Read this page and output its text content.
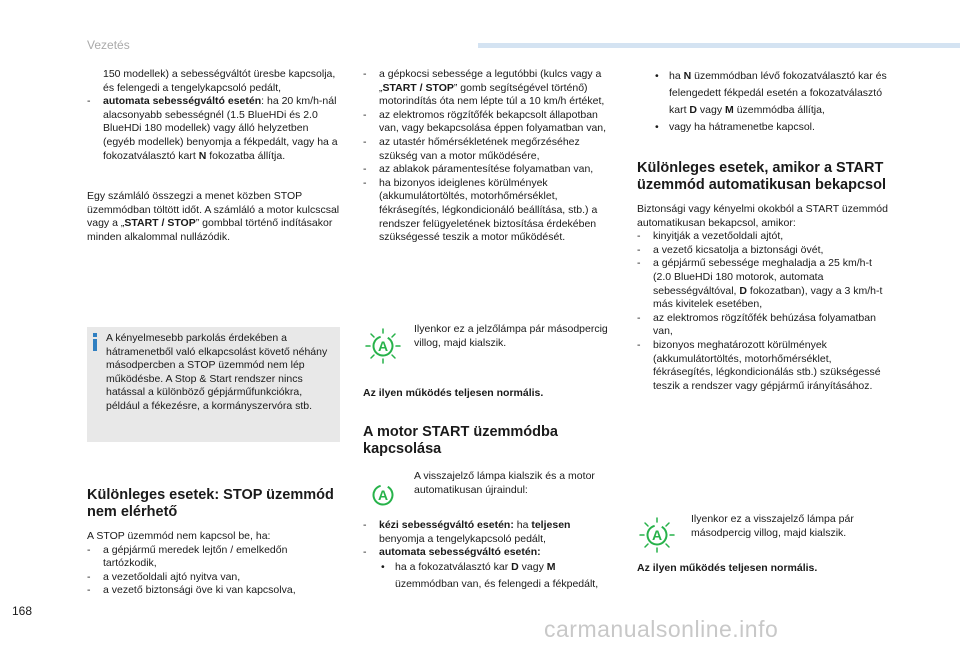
Vezetés

150 modellek) a sebességváltót üresbe kapcsolja, és felengedi a tengelykapcsoló pedált,

- automata sebességváltó esetén: ha 20 km/h-nál alacsonyabb sebességnél (1.5 BlueHDi és 2.0 BlueHDi 180 modellek) vagy álló helyzetben (egyéb modellek) benyomja a fékpedált, vagy ha a fokozatválasztó kart N fokozatba állítja.

Egy számláló összegzi a menet közben STOP üzemmódban töltött időt. A számláló a motor kulcscsal vagy a „START / STOP” gombbal történő indításakor minden alkalommal nullázódik.

A kényelmesebb parkolás érdekében a hátramenetből való elkapcsolást követő néhány másodpercben a STOP üzemmód nem lép működésbe. A Stop & Start rendszer nincs hatással a különböző gépjárműfunkciókra, például a fékezésre, a kormányszervóra stb.

Különleges esetek: STOP üzemmód nem elérhető

A STOP üzemmód nem kapcsol be, ha:

- a gépjármű meredek lejtőn / emelkedőn tartózkodik,
- a vezetőoldali ajtó nyitva van,
- a vezető biztonsági öve ki van kapcsolva,
- a gépkocsi sebessége a legutóbbi (kulcs vagy a „START / STOP” gomb segítségével történő) motorindítás óta nem lépte túl a 10 km/h értéket,
- az elektromos rögzítőfék bekapcsolt állapotban van, vagy bekapcsolása éppen folyamatban van,
- az utastér hőmérsékletének megőrzéséhez szükség van a motor működésére,
- az ablakok páramentesítése folyamatban van,
- ha bizonyos ideiglenes körülmények (akkumulátortöltés, motorhőmérséklet, fékrásegítés, légkondicionáló beállítása, stb.) a rendszer felügyeletének biztosítása érdekében szükségessé teszik a motor működését.
A
Ilyenkor ez a jelzőlámpa pár másodpercig villog, majd kialszik.
Az ilyen működés teljesen normális.

A motor START üzemmódba kapcsolása

A
A visszajelző lámpa kialszik és a motor automatikusan újraindul:
- kézi sebességváltó esetén: ha teljesen benyomja a tengelykapcsoló pedált,
- automata sebességváltó esetén:
• ha a fokozatválasztó kar D vagy M üzemmódban van, és felengedi a fékpedált,
• ha N üzemmódban lévő fokozatválasztó kar és felengedett fékpedál esetén a fokozatválasztó kart D vagy M üzemmódba állítja,
• vagy ha hátramenetbe kapcsol.

Különleges esetek, amikor a START üzemmód automatikusan bekapcsol

Biztonsági vagy kényelmi okokból a START üzemmód automatikusan bekapcsol, amikor:

- kinyitják a vezetőoldali ajtót,
- a vezető kicsatolja a biztonsági övét,
- a gépjármű sebessége meghaladja a 25 km/h-t (2.0 BlueHDi 180 motorok, automata sebességváltóval, D fokozatban), vagy a 3 km/h-t más kivitelek esetében,
- az elektromos rögzítőfék behúzása folyamatban van,
- bizonyos meghatározott körülmények (akkumulátortöltés, motorhőmérséklet, fékrásegítés, légkondicionálás stb.) szükségessé teszik a rendszer vagy gépjármű irányításához.
A
Ilyenkor ez a visszajelző lámpa pár másodpercig villog, majd kialszik.
Az ilyen működés teljesen normális.
168
carmanualsonline.info
